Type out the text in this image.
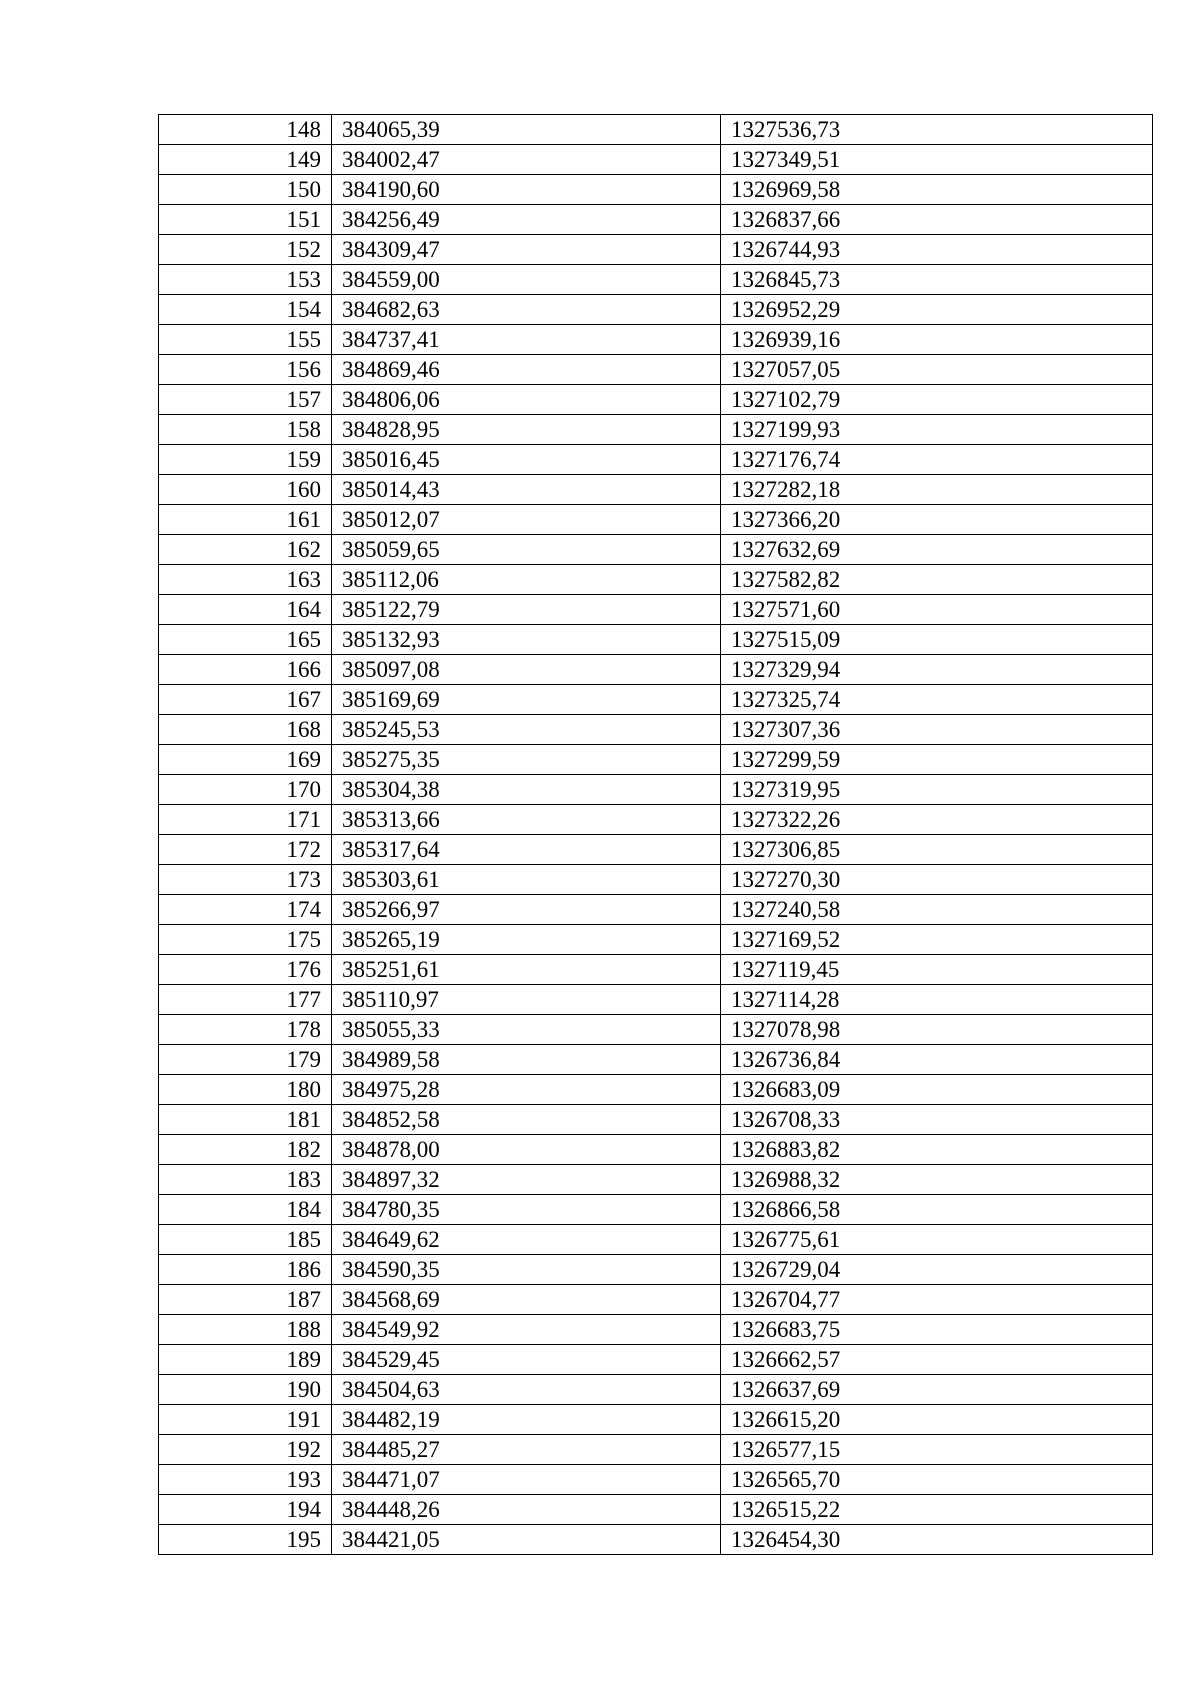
148	384065,39	1327536,73
149	384002,47	1327349,51
150	384190,60	1326969,58
151	384256,49	1326837,66
152	384309,47	1326744,93
153	384559,00	1326845,73
154	384682,63	1326952,29
155	384737,41	1326939,16
156	384869,46	1327057,05
157	384806,06	1327102,79
158	384828,95	1327199,93
159	385016,45	1327176,74
160	385014,43	1327282,18
161	385012,07	1327366,20
162	385059,65	1327632,69
163	385112,06	1327582,82
164	385122,79	1327571,60
165	385132,93	1327515,09
166	385097,08	1327329,94
167	385169,69	1327325,74
168	385245,53	1327307,36
169	385275,35	1327299,59
170	385304,38	1327319,95
171	385313,66	1327322,26
172	385317,64	1327306,85
173	385303,61	1327270,30
174	385266,97	1327240,58
175	385265,19	1327169,52
176	385251,61	1327119,45
177	385110,97	1327114,28
178	385055,33	1327078,98
179	384989,58	1326736,84
180	384975,28	1326683,09
181	384852,58	1326708,33
182	384878,00	1326883,82
183	384897,32	1326988,32
184	384780,35	1326866,58
185	384649,62	1326775,61
186	384590,35	1326729,04
187	384568,69	1326704,77
188	384549,92	1326683,75
189	384529,45	1326662,57
190	384504,63	1326637,69
191	384482,19	1326615,20
192	384485,27	1326577,15
193	384471,07	1326565,70
194	384448,26	1326515,22
195	384421,05	1326454,30
